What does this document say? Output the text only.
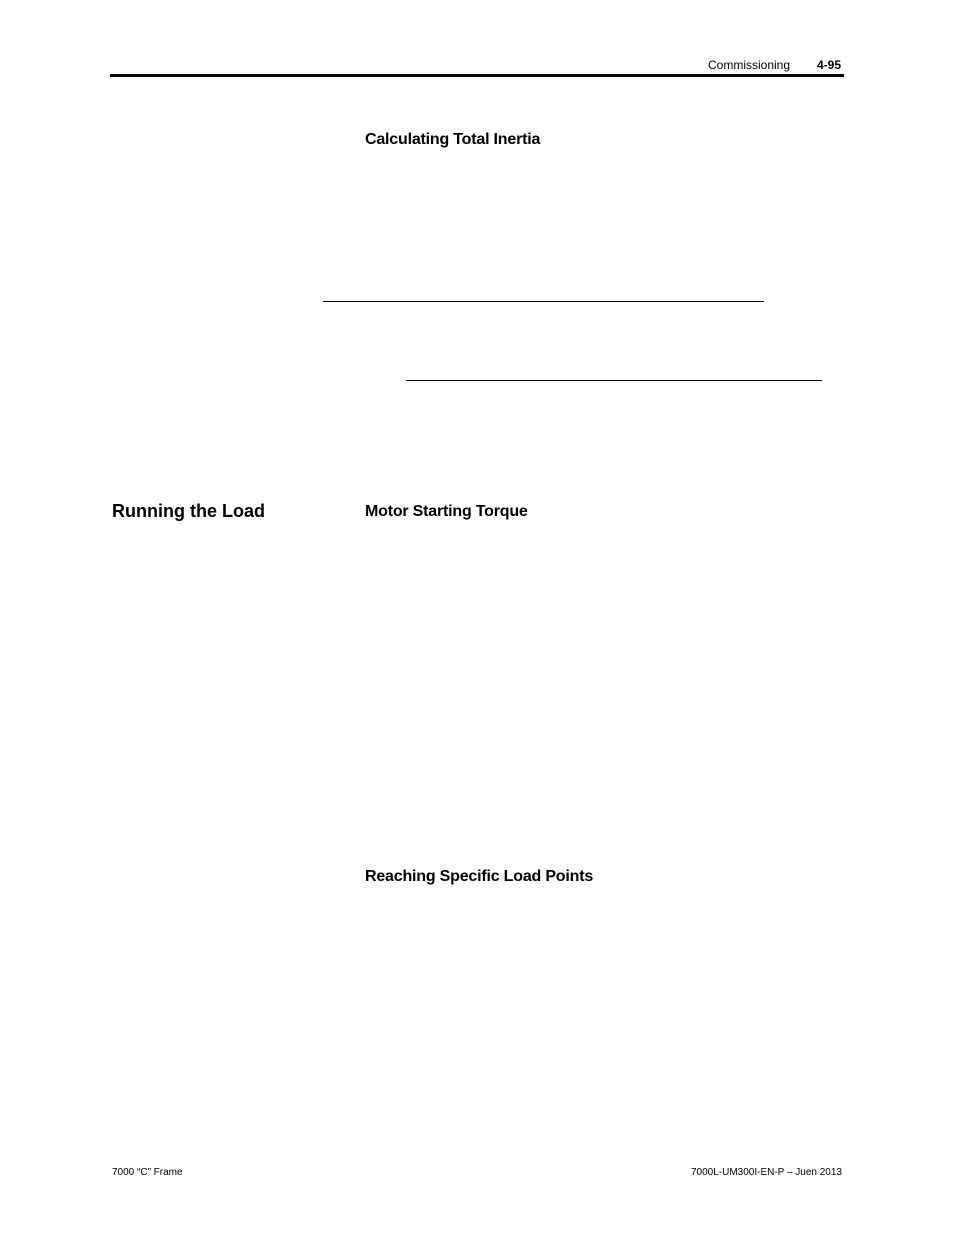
Commissioning 4-95
Calculating Total Inertia
Running the Load	Motor Starting Torque
Reaching Specific Load Points
7000 “C” Frame	7000L-UM300I-EN-P – Juen 2013
